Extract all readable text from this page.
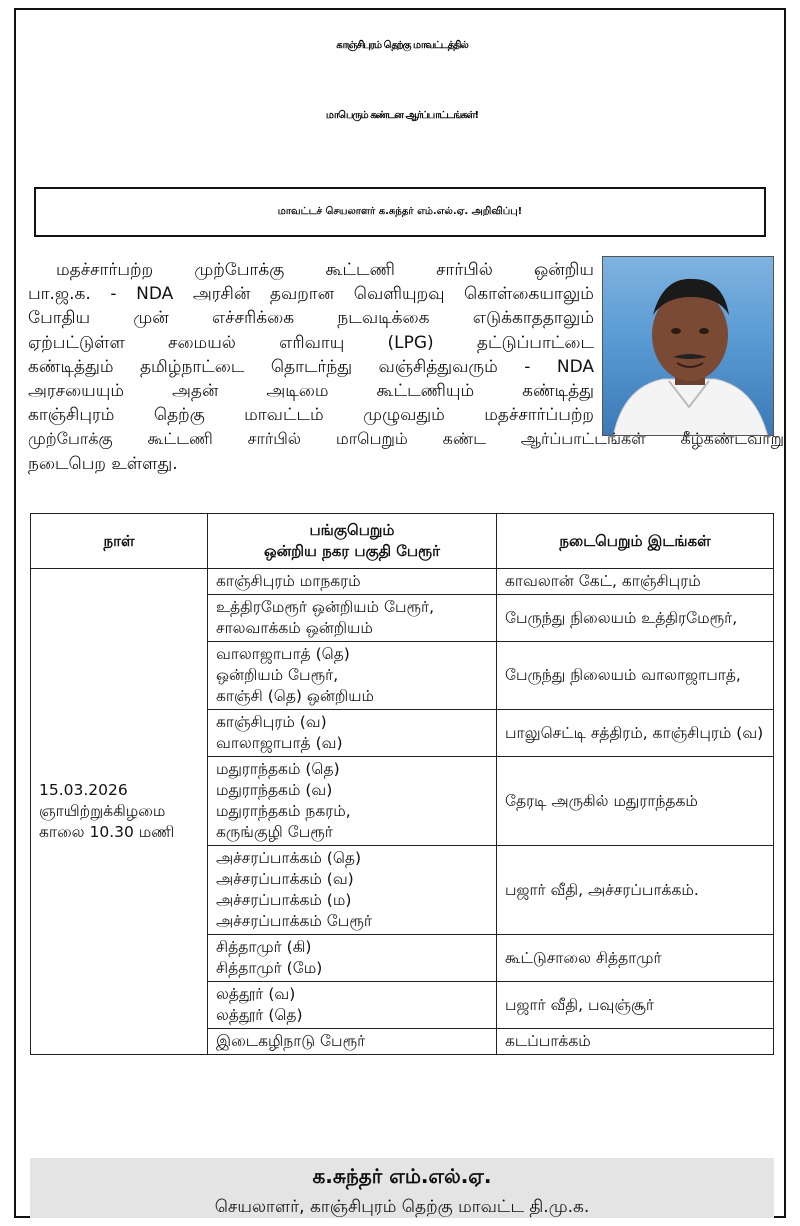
காஞ்சிபுரம் தெற்கு மாவட்டத்தில்
மாபெரும் கண்டன ஆர்ப்பாட்டங்கள்!
மாவட்டச் செயலாளர் க.சுந்தர் எம்.எல்.ஏ. அறிவிப்பு!
மதச்சார்பற்ற முற்போக்கு கூட்டணி சார்பில் ஒன்றிய
பா.ஜ.க. - NDA அரசின் தவறான வெளியுறவு கொள்கையாலும்
போதிய முன் எச்சரிக்கை நடவடிக்கை எடுக்காததாலும்
ஏற்பட்டுள்ள சமையல் எரிவாயு (LPG) தட்டுப்பாட்டை
கண்டித்தும் தமிழ்நாட்டை தொடர்ந்து வஞ்சித்துவரும் - NDA
அரசயையும் அதன் அடிமை கூட்டணியும் கண்டித்து
காஞ்சிபுரம் தெற்கு மாவட்டம் முழுவதும் மதச்சார்ப்பற்ற
முற்போக்கு கூட்டணி சார்பில் மாபெறும் கண்ட ஆர்ப்பாட்டங்கள் கீழ்கண்டவாறு
நடைபெற உள்ளது.
நாள்	பங்குபெறும்
ஒன்றிய நகர பகுதி பேரூர்	நடைபெறும் இடங்கள்

15.03.2026
ஞாயிற்றுக்கிழமை
காலை 10.30 மணி	காஞ்சிபுரம் மாநகரம்	காவலான் கேட், காஞ்சிபுரம்

	உத்திரமேரூர் ஒன்றியம் பேரூர்,
சாலவாக்கம் ஒன்றியம்	பேருந்து நிலையம் உத்திரமேரூர்,

	வாலாஜாபாத் (தெ)
ஒன்றியம் பேரூர்,
காஞ்சி (தெ) ஒன்றியம்	பேருந்து நிலையம் வாலாஜாபாத்,

	காஞ்சிபுரம் (வ)
வாலாஜாபாத் (வ)	பாலுசெட்டி சத்திரம், காஞ்சிபுரம் (வ)

	மதுராந்தகம் (தெ)
மதுராந்தகம் (வ)
மதுராந்தகம் நகரம்,
கருங்குழி பேரூர்	தேரடி அருகில் மதுராந்தகம்

	அச்சரப்பாக்கம் (தெ)
அச்சரப்பாக்கம் (வ)
அச்சரப்பாக்கம் (ம)
அச்சரப்பாக்கம் பேரூர்	பஜார் வீதி, அச்சரப்பாக்கம்.

	சித்தாமுர் (கி)
சித்தாமுர் (மே)	கூட்டுசாலை சித்தாமுர்

	லத்தூர் (வ)
லத்தூர் (தெ)	பஜார் வீதி, பவுஞ்சூர்

	இடைகழிநாடு பேரூர்	கடப்பாக்கம்
க.சுந்தர் எம்.எல்.ஏ.
செயலாளர், காஞ்சிபுரம் தெற்கு மாவட்ட தி.மு.க.
